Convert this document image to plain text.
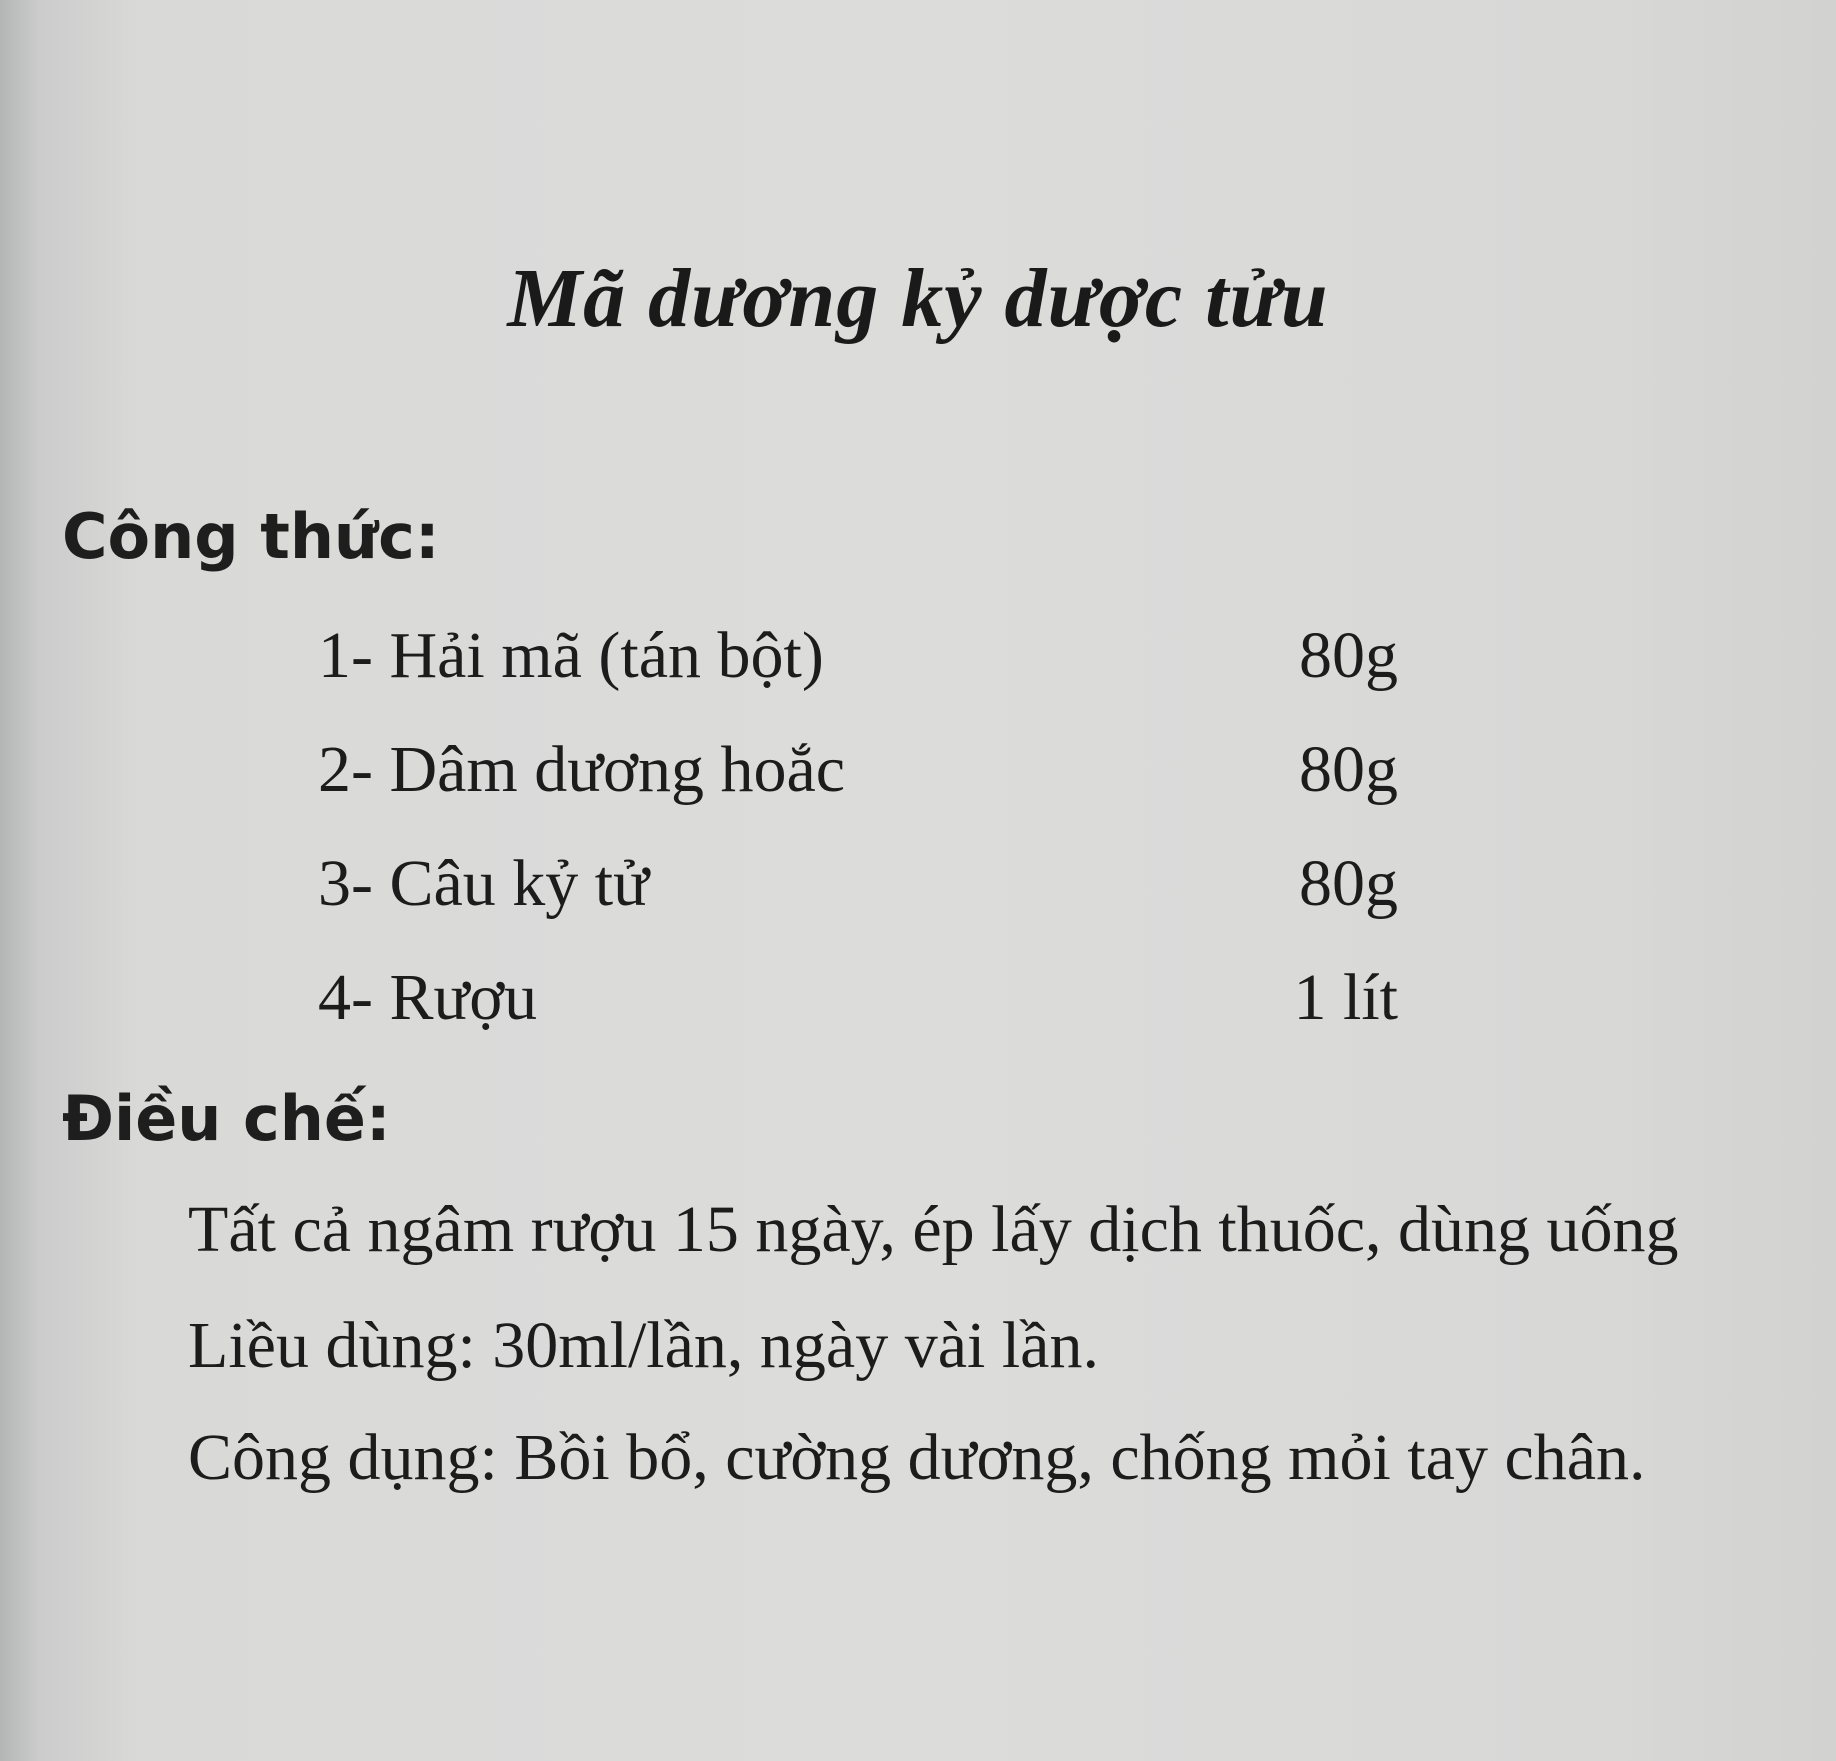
Mã dương kỷ dược tửu
Công thức:
1- Hải mã (tán bột)	80g
2- Dâm dương hoắc	80g
3- Câu kỷ tử	80g
4- Rượu	1 lít
Điều chế:

Tất cả ngâm rượu 15 ngày, ép lấy dịch thuốc, dùng uống

Liều dùng: 30ml/lần, ngày vài lần.

Công dụng: Bồi bổ, cường dương, chống mỏi tay chân.
